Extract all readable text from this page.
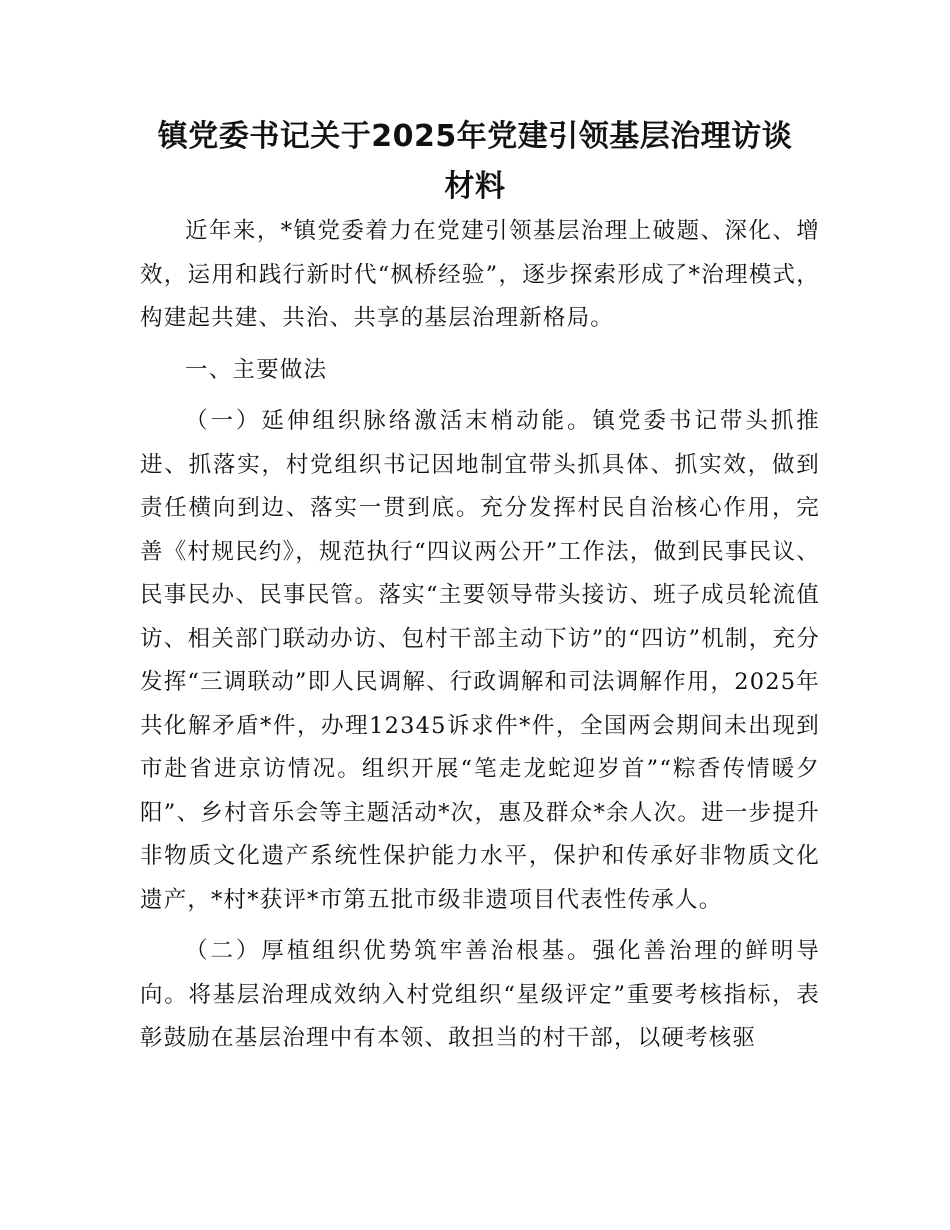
镇党委书记关于2025年党建引领基层治理访谈
材料

近年来，*镇党委着力在党建引领基层治理上破题、深化、增效，运用和践行新时代“枫桥经验”，逐步探索形成了*治理模式，构建起共建、共治、共享的基层治理新格局。

一、主要做法

（一）延伸组织脉络激活末梢动能。镇党委书记带头抓推进、抓落实，村党组织书记因地制宜带头抓具体、抓实效，做到责任横向到边、落实一贯到底。充分发挥村民自治核心作用，完善《村规民约》，规范执行“四议两公开”工作法，做到民事民议、民事民办、民事民管。落实“主要领导带头接访、班子成员轮流值访、相关部门联动办访、包村干部主动下访”的“四访”机制，充分发挥“三调联动”即人民调解、行政调解和司法调解作用，2025年共化解矛盾*件，办理12345诉求件*件，全国两会期间未出现到市赴省进京访情况。组织开展“笔走龙蛇迎岁首”“粽香传情暖夕阳”、乡村音乐会等主题活动*次，惠及群众*余人次。进一步提升非物质文化遗产系统性保护能力水平，保护和传承好非物质文化遗产，*村*获评*市第五批市级非遗项目代表性传承人。

（二）厚植组织优势筑牢善治根基。强化善治理的鲜明导向。将基层治理成效纳入村党组织“星级评定”重要考核指标，表彰鼓励在基层治理中有本领、敢担当的村干部，以硬考核驱
